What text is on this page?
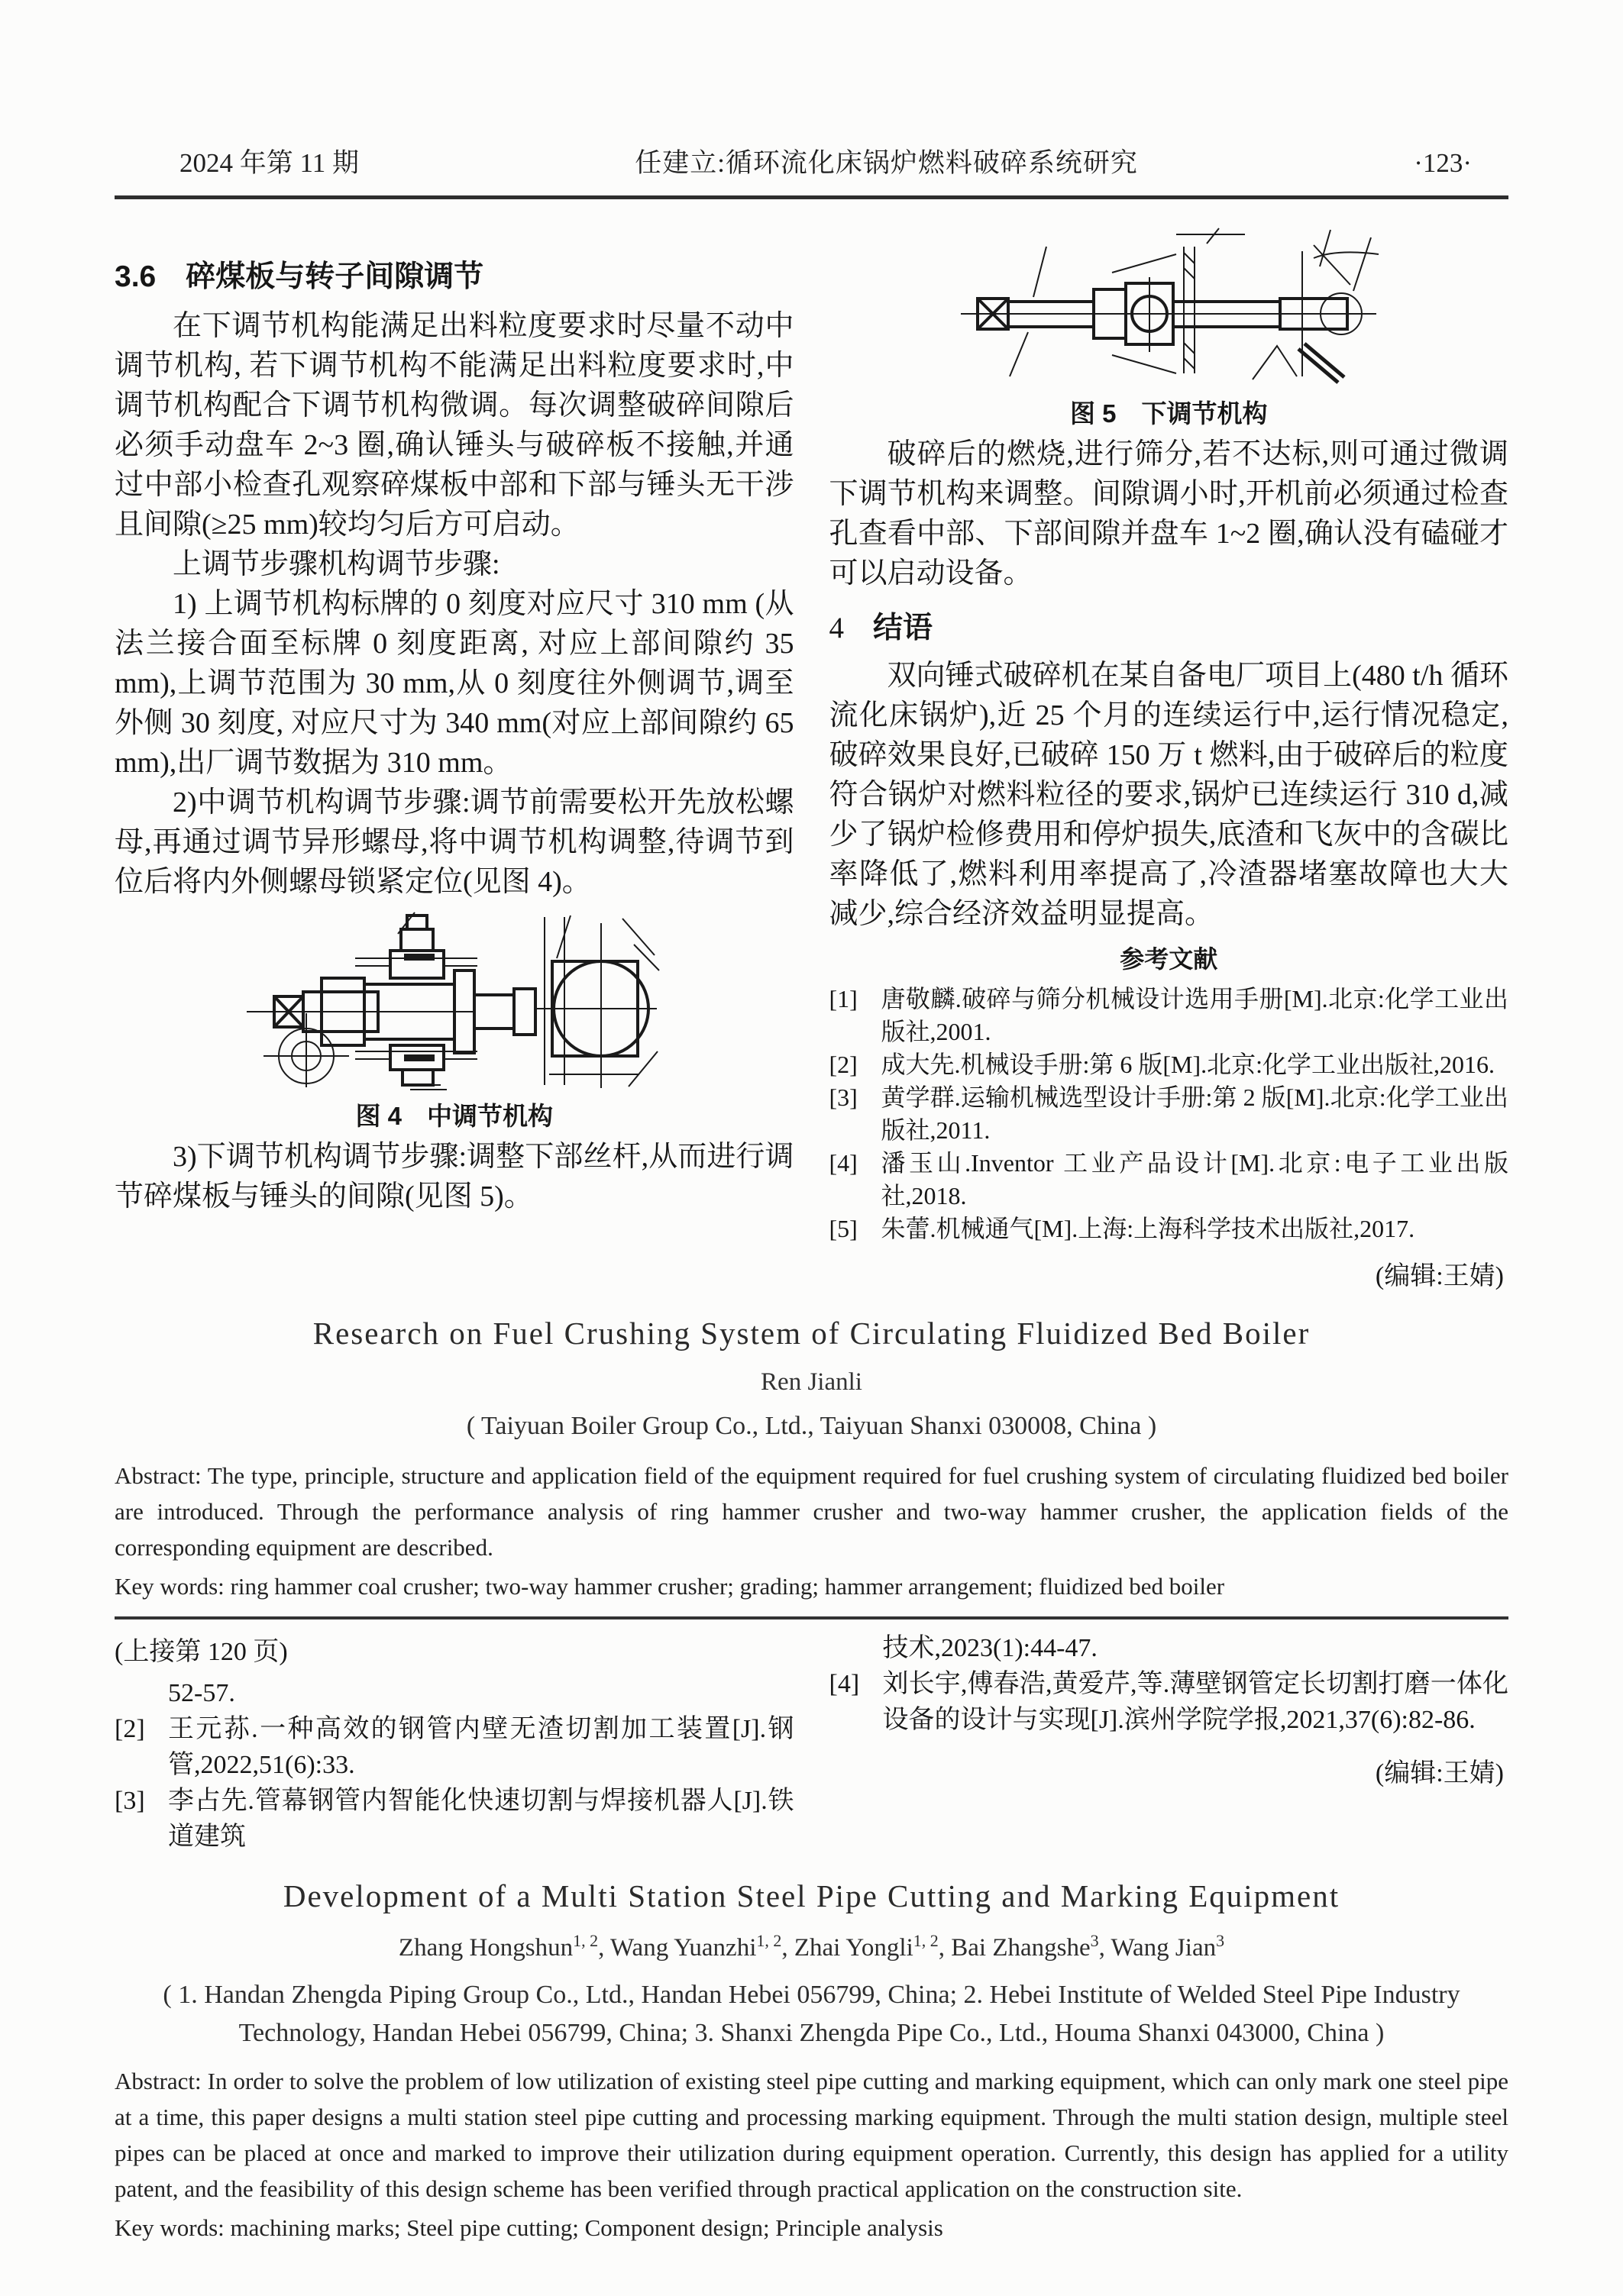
2024 年第 11 期	任建立:循环流化床锅炉燃料破碎系统研究	·123·
3.6　碎煤板与转子间隙调节

在下调节机构能满足出料粒度要求时尽量不动中调节机构, 若下调节机构不能满足出料粒度要求时,中调节机构配合下调节机构微调。每次调整破碎间隙后必须手动盘车 2~3 圈,确认锤头与破碎板不接触,并通过中部小检查孔观察碎煤板中部和下部与锤头无干涉且间隙(≥25 mm)较均匀后方可启动。

上调节步骤机构调节步骤:

1) 上调节机构标牌的 0 刻度对应尺寸 310 mm (从法兰接合面至标牌 0 刻度距离, 对应上部间隙约 35 mm),上调节范围为 30 mm,从 0 刻度往外侧调节,调至外侧 30 刻度, 对应尺寸为 340 mm(对应上部间隙约 65 mm),出厂调节数据为 310 mm。

2)中调节机构调节步骤:调节前需要松开先放松螺母,再通过调节异形螺母,将中调节机构调整,待调节到位后将内外侧螺母锁紧定位(见图 4)。

图 4　中调节机构

3)下调节机构调节步骤:调整下部丝杆,从而进行调节碎煤板与锤头的间隙(见图 5)。

图 5　下调节机构

破碎后的燃烧,进行筛分,若不达标,则可通过微调下调节机构来调整。间隙调小时,开机前必须通过检查孔查看中部、下部间隙并盘车 1~2 圈,确认没有磕碰才可以启动设备。

4 结语

双向锤式破碎机在某自备电厂项目上(480 t/h 循环流化床锅炉),近 25 个月的连续运行中,运行情况稳定,破碎效果良好,已破碎 150 万 t 燃料,由于破碎后的粒度符合锅炉对燃料粒径的要求,锅炉已连续运行 310 d,减少了锅炉检修费用和停炉损失,底渣和飞灰中的含碳比率降低了,燃料利用率提高了,冷渣器堵塞故障也大大减少,综合经济效益明显提高。

参考文献
[1] 唐敬麟.破碎与筛分机械设计选用手册[M].北京:化学工业出版社,2001.
[2] 成大先.机械设手册:第 6 版[M].北京:化学工业出版社,2016.
[3] 黄学群.运输机械选型设计手册:第 2 版[M].北京:化学工业出版社,2011.
[4] 潘玉山.Inventor 工业产品设计[M].北京:电子工业出版社,2018.
[5] 朱蕾.机械通气[M].上海:上海科学技术出版社,2017.
(编辑:王婧)
Research on Fuel Crushing System of Circulating Fluidized Bed Boiler
Ren Jianli
( Taiyuan Boiler Group Co., Ltd., Taiyuan Shanxi 030008, China )

Abstract: The type, principle, structure and application field of the equipment required for fuel crushing system of circulating fluidized bed boiler are introduced. Through the performance analysis of ring hammer crusher and two-way hammer crusher, the application fields of the corresponding equipment are described.

Key words: ring hammer coal crusher; two-way hammer crusher; grading; hammer arrangement; fluidized bed boiler

(上接第 120 页)
52-57.
[2] 王元荪.一种高效的钢管内壁无渣切割加工装置[J].钢管,2022,51(6):33.
[3] 李占先.管幕钢管内智能化快速切割与焊接机器人[J].铁道建筑
技术,2023(1):44-47.
[4] 刘长宇,傅春浩,黄爱芹,等.薄壁钢管定长切割打磨一体化设备的设计与实现[J].滨州学院学报,2021,37(6):82-86.
(编辑:王婧)
Development of a Multi Station Steel Pipe Cutting and Marking Equipment
Zhang Hongshun$^{1, 2}$, Wang Yuanzhi$^{1, 2}$, Zhai Yongli$^{1, 2}$, Bai Zhangshe$^3$, Wang Jian$^3$
( 1. Handan Zhengda Piping Group Co., Ltd., Handan Hebei 056799, China; 2. Hebei Institute of Welded Steel Pipe Industry Technology, Handan Hebei 056799, China; 3. Shanxi Zhengda Pipe Co., Ltd., Houma Shanxi 043000, China )

Abstract: In order to solve the problem of low utilization of existing steel pipe cutting and marking equipment, which can only mark one steel pipe at a time, this paper designs a multi station steel pipe cutting and processing marking equipment. Through the multi station design, multiple steel pipes can be placed at once and marked to improve their utilization during equipment operation. Currently, this design has applied for a utility patent, and the feasibility of this design scheme has been verified through practical application on the construction site.

Key words: machining marks; Steel pipe cutting; Component design; Principle analysis
